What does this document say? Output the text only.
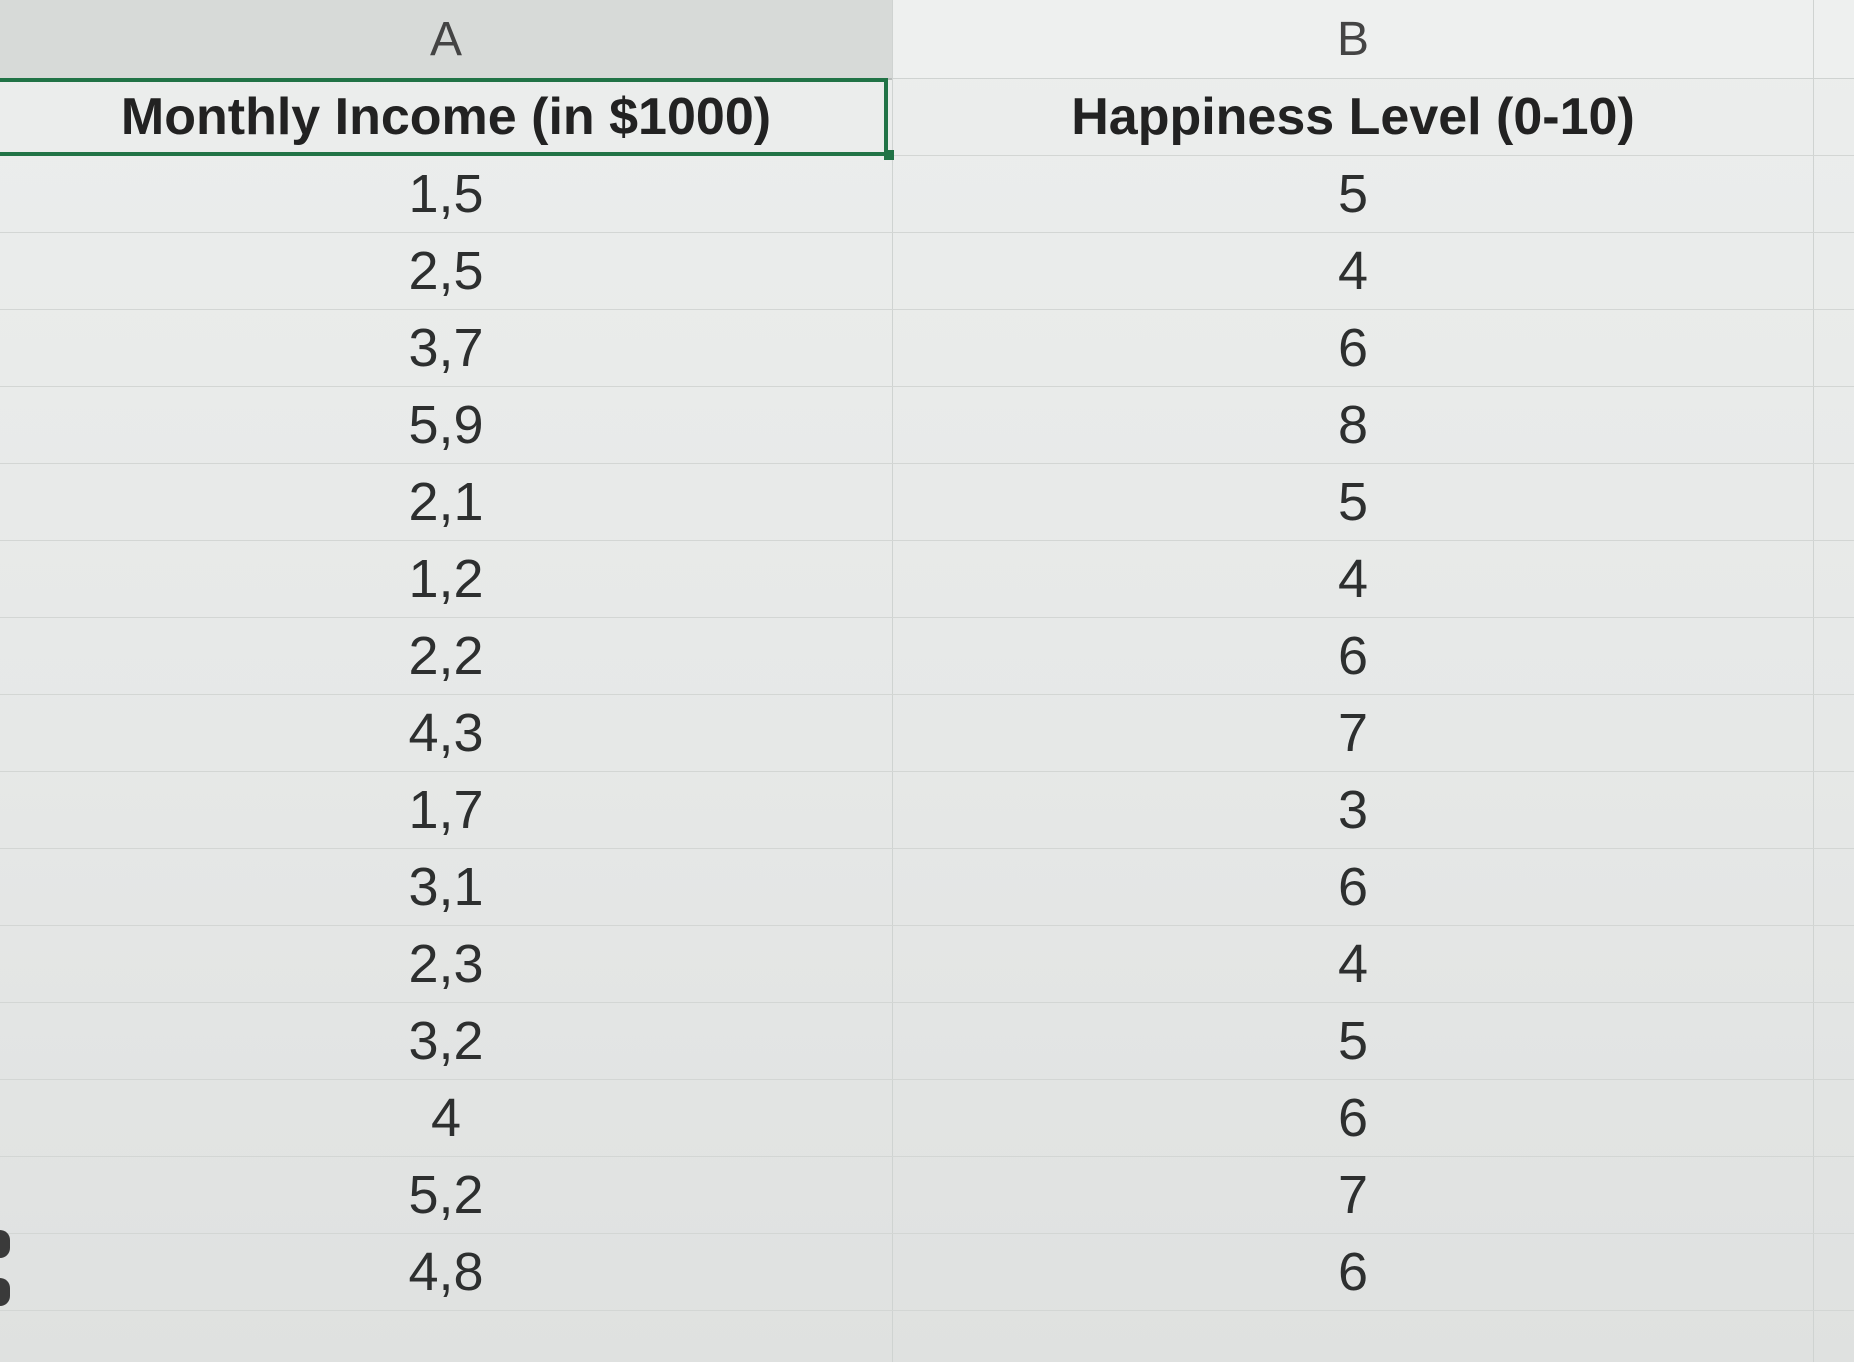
A	B
Monthly Income (in $1000)	Happiness Level (0-10)
1,5	5
2,5	4
3,7	6
5,9	8
2,1	5
1,2	4
2,2	6
4,3	7
1,7	3
3,1	6
2,3	4
3,2	5
4	6
5,2	7
4,8	6
